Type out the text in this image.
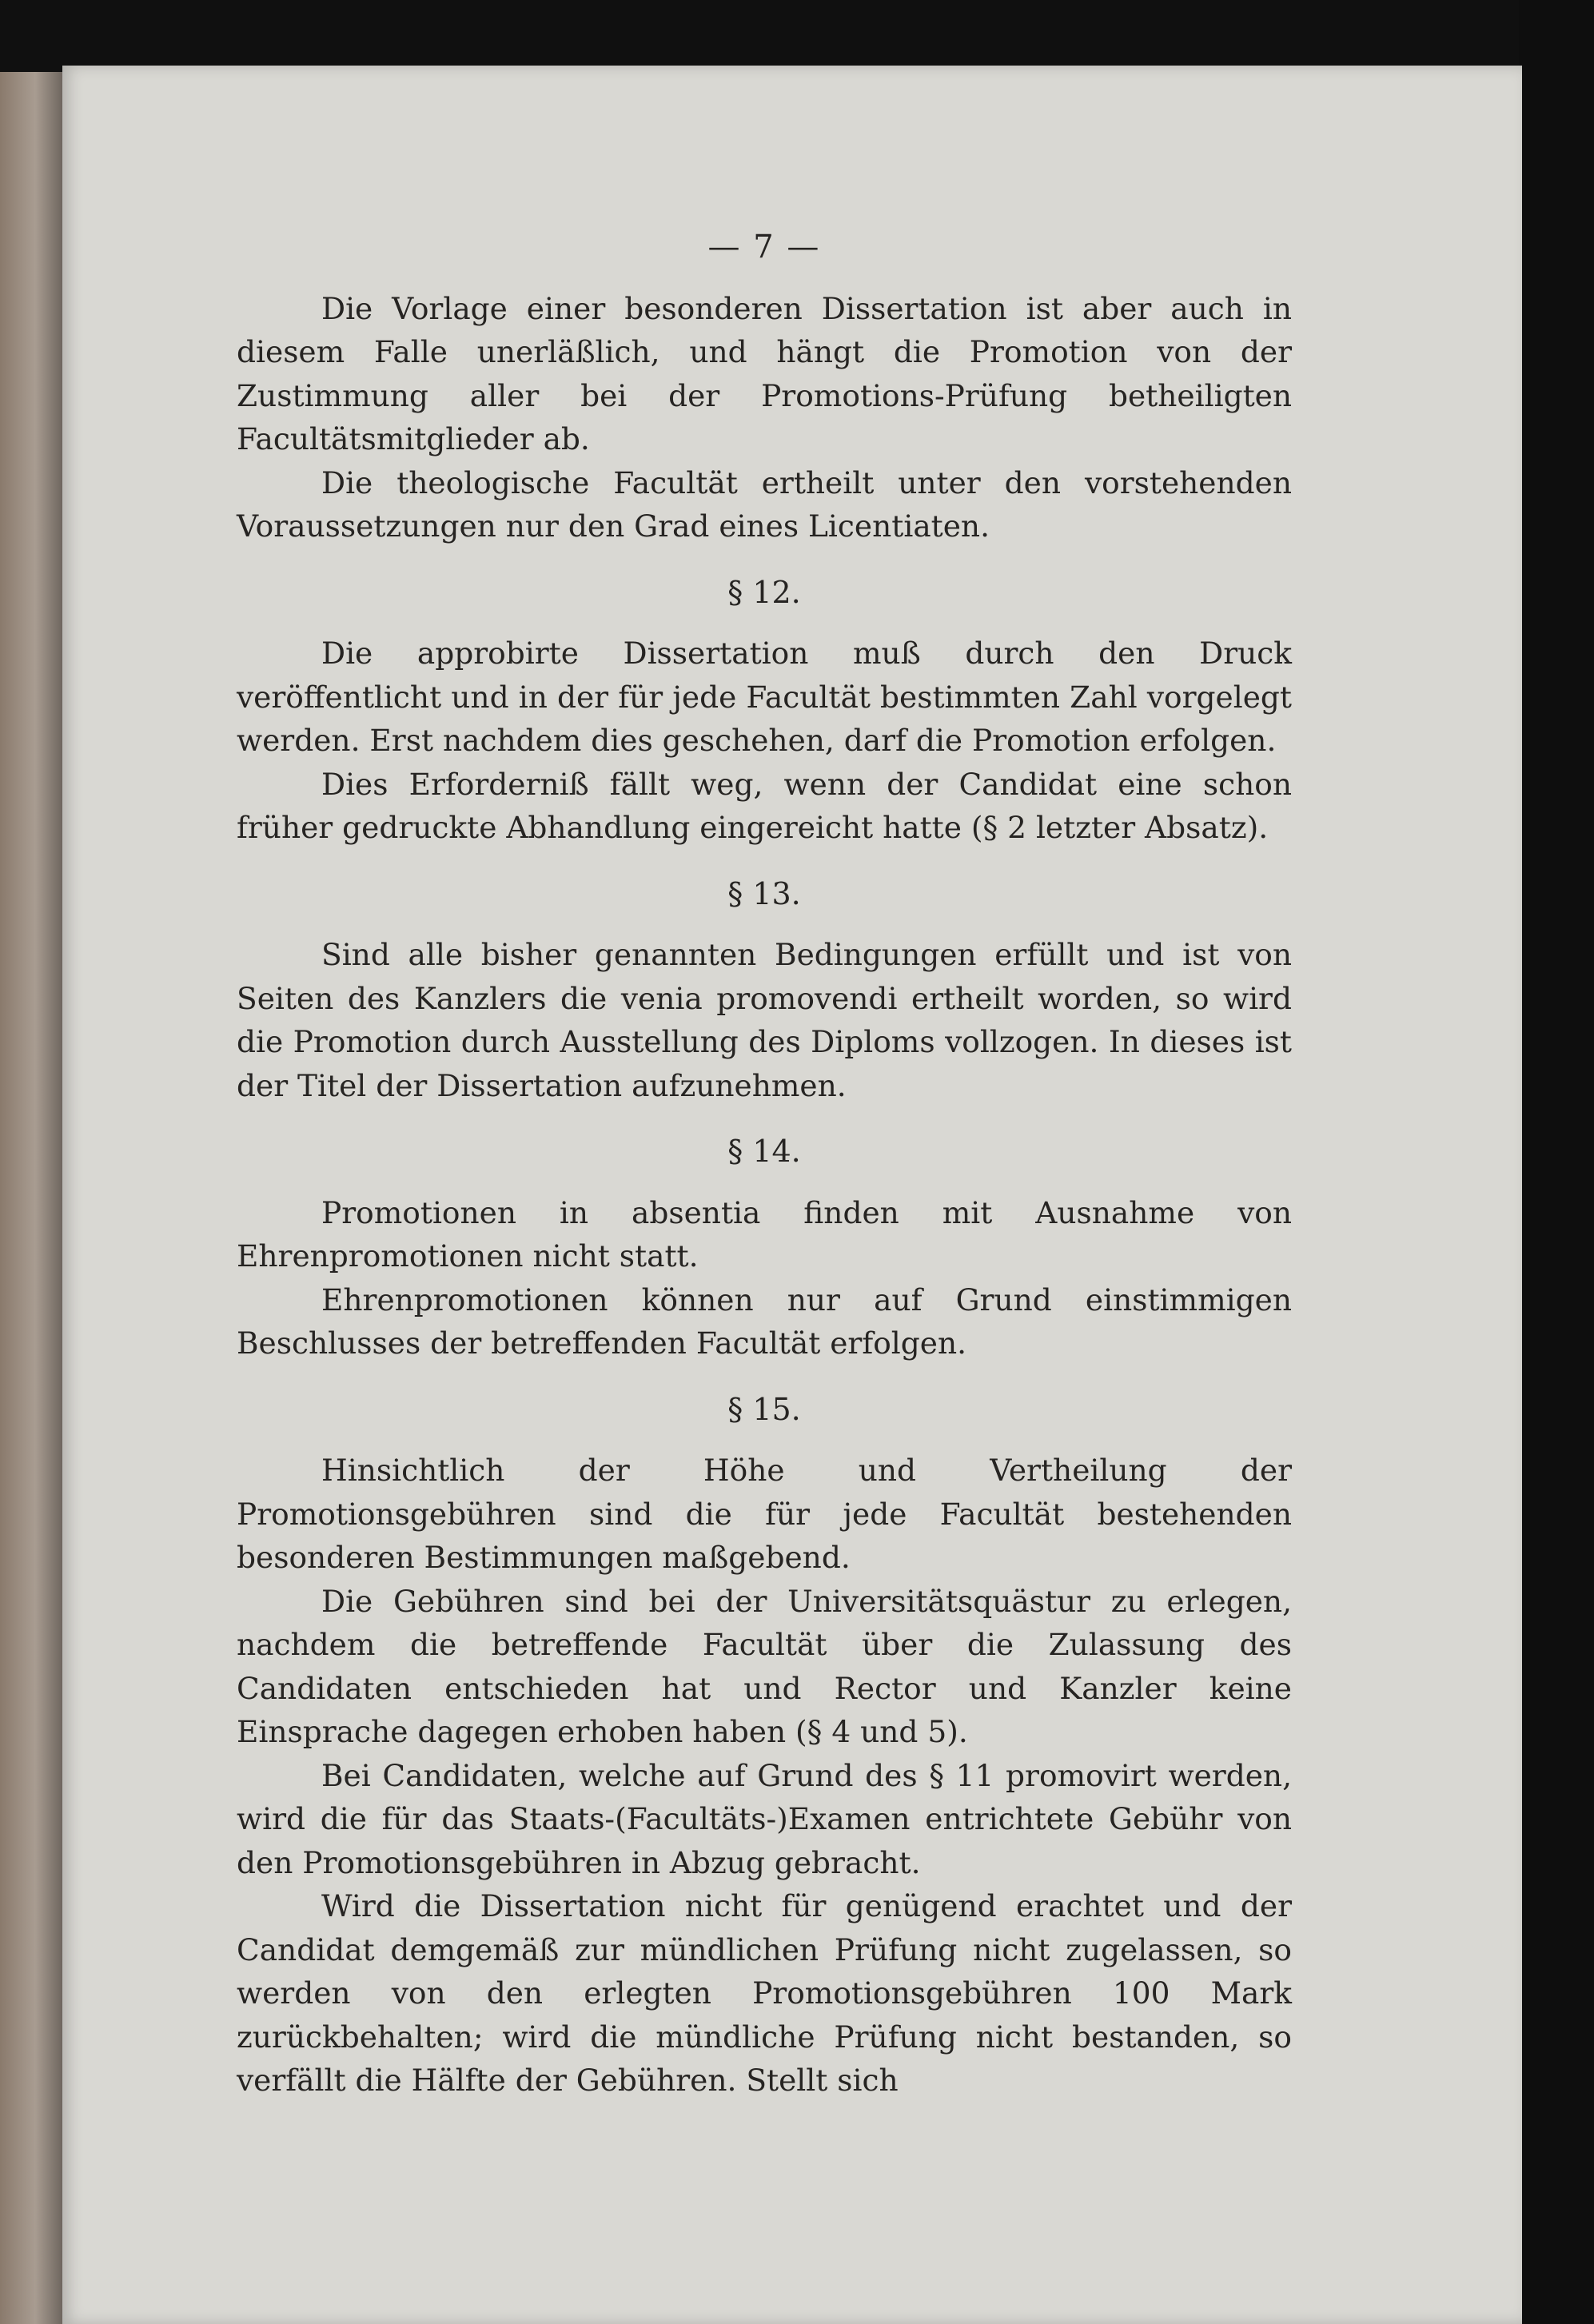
— 7 —

Die Vorlage einer besonderen Dissertation ist aber auch in diesem Falle unerläßlich, und hängt die Promotion von der Zustimmung aller bei der Promotions-Prüfung betheiligten Facultätsmitglieder ab.

Die theologische Facultät ertheilt unter den vorstehenden Voraussetzungen nur den Grad eines Licentiaten.

§ 12.

Die approbirte Dissertation muß durch den Druck veröffentlicht und in der für jede Facultät bestimmten Zahl vorgelegt werden. Erst nachdem dies geschehen, darf die Promotion erfolgen.

Dies Erforderniß fällt weg, wenn der Candidat eine schon früher gedruckte Abhandlung eingereicht hatte (§ 2 letzter Absatz).

§ 13.

Sind alle bisher genannten Bedingungen erfüllt und ist von Seiten des Kanzlers die venia promovendi ertheilt worden, so wird die Promotion durch Ausstellung des Diploms vollzogen. In dieses ist der Titel der Dissertation aufzunehmen.

§ 14.

Promotionen in absentia finden mit Ausnahme von Ehrenpromotionen nicht statt.

Ehrenpromotionen können nur auf Grund einstimmigen Beschlusses der betreffenden Facultät erfolgen.

§ 15.

Hinsichtlich der Höhe und Vertheilung der Promotionsgebühren sind die für jede Facultät bestehenden besonderen Bestimmungen maßgebend.

Die Gebühren sind bei der Universitätsquästur zu erlegen, nachdem die betreffende Facultät über die Zulassung des Candidaten entschieden hat und Rector und Kanzler keine Einsprache dagegen erhoben haben (§ 4 und 5).

Bei Candidaten, welche auf Grund des § 11 promovirt werden, wird die für das Staats-(Facultäts-)Examen entrichtete Gebühr von den Promotionsgebühren in Abzug gebracht.

Wird die Dissertation nicht für genügend erachtet und der Candidat demgemäß zur mündlichen Prüfung nicht zugelassen, so werden von den erlegten Promotionsgebühren 100 Mark zurückbehalten; wird die mündliche Prüfung nicht bestanden, so verfällt die Hälfte der Gebühren. Stellt sich
